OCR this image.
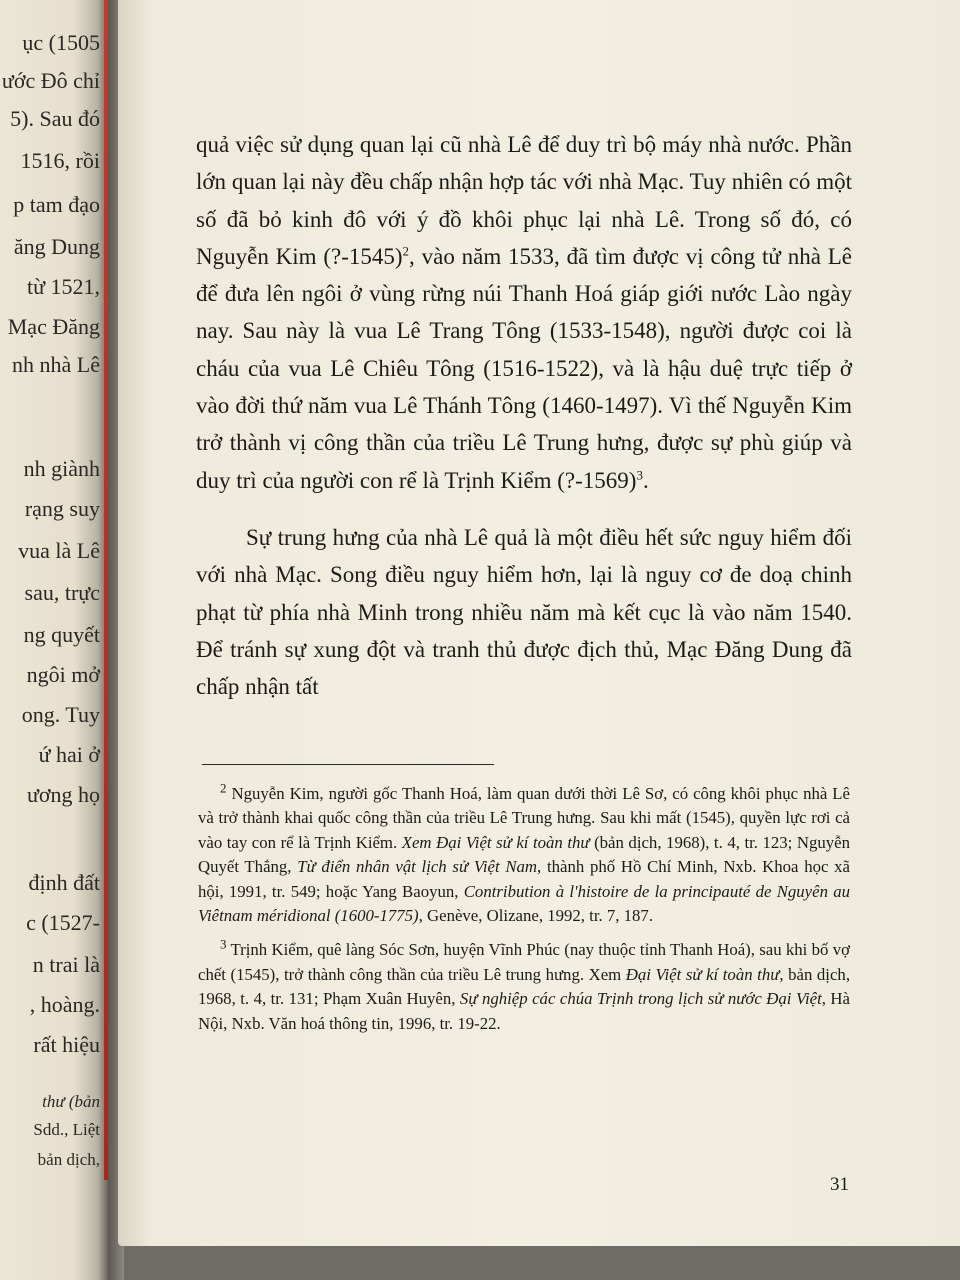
ục (1505
ước Đô chỉ
5). Sau đó
1516, rồi
p tam đạo
ăng Dung
từ 1521,
Mạc Đăng
nh nhà Lê
nh giành
rạng suy
vua là Lê
sau, trực
ng quyết
ngôi mở
ong. Tuy
ứ hai ở
ương họ
định đất
c (1527-
n trai là
, hoàng.
rất hiệu
thư (bản
Sdd., Liệt
bản dịch,

quả việc sử dụng quan lại cũ nhà Lê để duy trì bộ máy nhà nước. Phần lớn quan lại này đều chấp nhận hợp tác với nhà Mạc. Tuy nhiên có một số đã bỏ kinh đô với ý đồ khôi phục lại nhà Lê. Trong số đó, có Nguyễn Kim (?-1545)$^2$, vào năm 1533, đã tìm được vị công tử nhà Lê để đưa lên ngôi ở vùng rừng núi Thanh Hoá giáp giới nước Lào ngày nay. Sau này là vua Lê Trang Tông (1533-1548), người được coi là cháu của vua Lê Chiêu Tông (1516-1522), và là hậu duệ trực tiếp ở vào đời thứ năm vua Lê Thánh Tông (1460-1497). Vì thế Nguyễn Kim trở thành vị công thần của triều Lê Trung hưng, được sự phù giúp và duy trì của người con rể là Trịnh Kiểm (?-1569)$^3$.

Sự trung hưng của nhà Lê quả là một điều hết sức nguy hiểm đối với nhà Mạc. Song điều nguy hiểm hơn, lại là nguy cơ đe doạ chinh phạt từ phía nhà Minh trong nhiều năm mà kết cục là vào năm 1540. Để tránh sự xung đột và tranh thủ được địch thủ, Mạc Đăng Dung đã chấp nhận tất

$^2$ Nguyễn Kim, người gốc Thanh Hoá, làm quan dưới thời Lê Sơ, có công khôi phục nhà Lê và trở thành khai quốc công thần của triều Lê Trung hưng. Sau khi mất (1545), quyền lực rơi cả vào tay con rể là Trịnh Kiểm. Xem Đại Việt sử kí toàn thư (bản dịch, 1968), t. 4, tr. 123; Nguyễn Quyết Thắng, Từ điển nhân vật lịch sử Việt Nam, thành phố Hồ Chí Minh, Nxb. Khoa học xã hội, 1991, tr. 549; hoặc Yang Baoyun, Contribution à l'histoire de la principauté de Nguyên au Viêtnam méridional (1600-1775), Genève, Olizane, 1992, tr. 7, 187.

$^3$ Trịnh Kiểm, quê làng Sóc Sơn, huyện Vĩnh Phúc (nay thuộc tỉnh Thanh Hoá), sau khi bố vợ chết (1545), trở thành công thần của triều Lê trung hưng. Xem Đại Việt sử kí toàn thư, bản dịch, 1968, t. 4, tr. 131; Phạm Xuân Huyên, Sự nghiệp các chúa Trịnh trong lịch sử nước Đại Việt, Hà Nội, Nxb. Văn hoá thông tin, 1996, tr. 19-22.

31
